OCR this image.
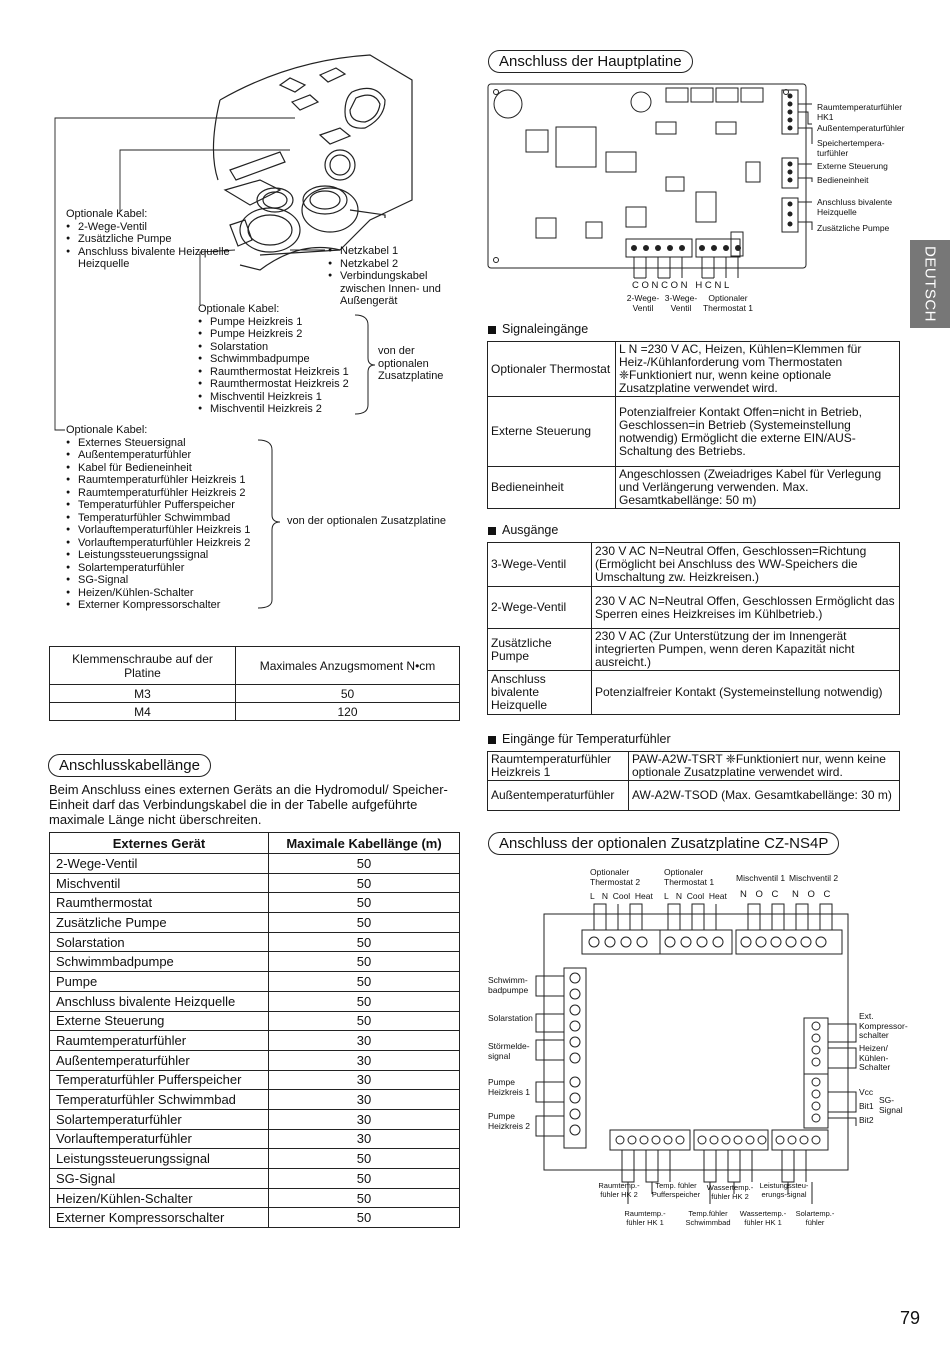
DEUTSCH
79
Optionale Kabel:
● 2-Wege-Ventil
● Zusätzliche Pumpe
● Anschluss bivalente Heizquelle
Heizquelle
● Netzkabel 1
● Netzkabel 2
● Verbindungskabel zwischen Innen- und Außengerät
Optionale Kabel:
● Pumpe Heizkreis 1
● Pumpe Heizkreis 2
● Solarstation
● Schwimmbadpumpe
● Raumthermostat Heizkreis 1
● Raumthermostat Heizkreis 2
● Mischventil Heizkreis 1
● Mischventil Heizkreis 2
von der optionalen Zusatzplatine
Optionale Kabel:
● Externes Steuersignal
● Außentemperaturfühler
● Kabel für Bedieneinheit
● Raumtemperaturfühler Heizkreis 1
● Raumtemperaturfühler Heizkreis 2
● Temperaturfühler Pufferspeicher
● Temperaturfühler Schwimmbad
● Vorlauftemperaturfühler Heizkreis 1
● Vorlauftemperaturfühler Heizkreis 2
● Leistungssteuerungssignal
● Solartemperaturfühler
● SG-Signal
● Heizen/Kühlen-Schalter
● Externer Kompressorschalter
von der optionalen Zusatzplatine
Klemmenschraube auf der Platine	Maximales Anzugsmoment N•cm
M3	50
M4	120
Anschlusskabellänge
Beim Anschluss eines externen Geräts an die Hydromodul/ Speicher-Einheit darf das Verbindungskabel die in der Tabelle aufgeführte maximale Länge nicht überschreiten.
Externes Gerät	Maximale Kabellänge (m)
2-Wege-Ventil	50
Mischventil	50
Raumthermostat	50
Zusätzliche Pumpe	50
Solarstation	50
Schwimmbadpumpe	50
Pumpe	50
Anschluss bivalente Heizquelle	50
Externe Steuerung	50
Raumtemperaturfühler	30
Außentemperaturfühler	30
Temperaturfühler Pufferspeicher	30
Temperaturfühler Schwimmbad	30
Solartemperaturfühler	30
Vorlauftemperaturfühler	30
Leistungssteuerungssignal	50
SG-Signal	50
Heizen/Kühlen-Schalter	50
Externer Kompressorschalter	50
Anschluss der Hauptplatine
Raumtemperaturfühler HK1
Außentemperaturfühler
Speichertempera- turfühler
Externe Steuerung
Bedieneinheit
Anschluss bivalente Heizquelle
Zusätzliche Pumpe
C O N C O N H C N L
2-Wege- Ventil
3-Wege- Ventil
Optionaler Thermostat 1
Signaleingänge
Optionaler Thermostat	L N =230 V AC, Heizen, Kühlen=Klemmen für Heiz-/Kühlanforderung vom Thermostaten ❈Funktioniert nur, wenn keine optionale Zusatzplatine verwendet wird.
Externe Steuerung	Potenzialfreier Kontakt Offen=nicht in Betrieb, Geschlossen=in Betrieb (Systemeinstellung notwendig) Ermöglicht die externe EIN/AUS-Schaltung des Betriebs.
Bedieneinheit	Angeschlossen (Zweiadriges Kabel für Verlegung und Verlängerung verwenden. Max. Gesamtkabellänge: 50 m)
Ausgänge
3-Wege-Ventil	230 V AC N=Neutral Offen, Geschlossen=Richtung (Ermöglicht bei Anschluss des WW-Speichers die Umschaltung zw. Heizkreisen.)
2-Wege-Ventil	230 V AC N=Neutral Offen, Geschlossen Ermöglicht das Sperren eines Heizkreises im Kühlbetrieb.)
Zusätzliche Pumpe	230 V AC (Zur Unterstützung der im Innengerät integrierten Pumpen, wenn deren Kapazität nicht ausreicht.)
Anschluss bivalente Heizquelle	Potenzialfreier Kontakt (Systemeinstellung notwendig)
Eingänge für Temperaturfühler
Raumtemperaturfühler Heizkreis 1	PAW-A2W-TSRT ❈Funktioniert nur, wenn keine optionale Zusatzplatine verwendet wird.
Außentemperaturfühler	AW-A2W-TSOD (Max. Gesamtkabellänge: 30 m)
Anschluss der optionalen Zusatzplatine CZ-NS4P
Optionaler Thermostat 2
Optionaler Thermostat 1	Mischventil 1 Mischventil 2
L N Cool Heat L N Cool Heat N O C N O C
Schwimm- badpumpe
Solarstation
Störmelde- signal
Pumpe Heizkreis 1
Pumpe Heizkreis 2
Ext. Kompressor- schalter
Heizen/ Kühlen- Schalter
Vcc
Bit1
Bit2
SG- Signal
Raumtemp.- fühler HK 2
Temp. fühler Pufferspeicher
Wassertemp.- fühler HK 2
Leistungssteu- erungs-signal
Raumtemp.- fühler HK 1
Temp.fühler Schwimmbad
Wassertemp.- fühler HK 1
Solartemp.- fühler
